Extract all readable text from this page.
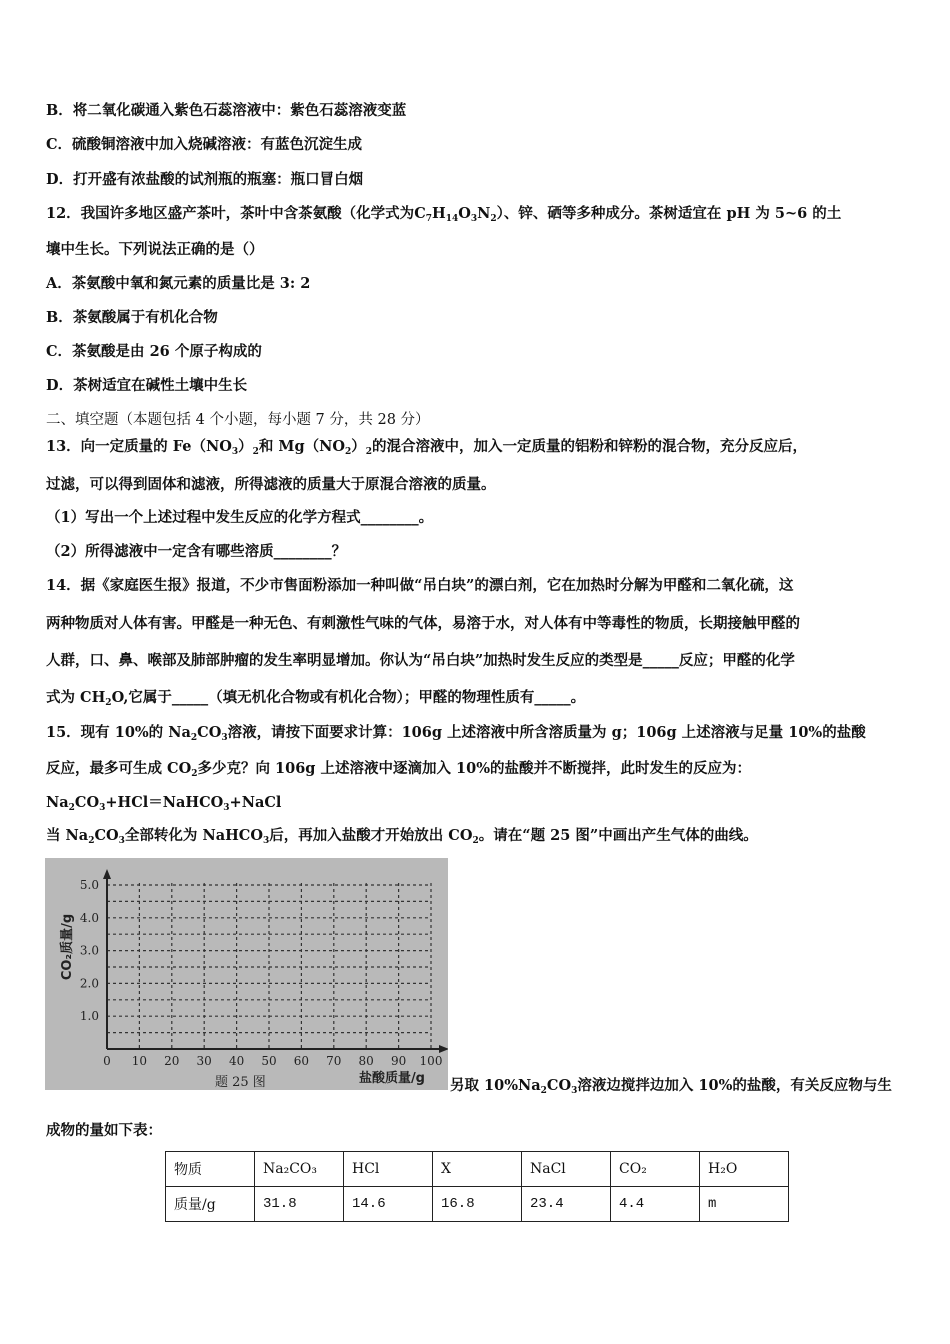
B．将二氧化碳通入紫色石蕊溶液中：紫色石蕊溶液变蓝
C．硫酸铜溶液中加入烧碱溶液：有蓝色沉淀生成
D．打开盛有浓盐酸的试剂瓶的瓶塞：瓶口冒白烟
12．我国许多地区盛产茶叶，茶叶中含茶氨酸（化学式为$C_7H_{14}O_3N_2$）、锌、硒等多种成分。茶树适宜在 pH 为 5~6 的土
壤中生长。下列说法正确的是（）
A．茶氨酸中氧和氮元素的质量比是 3: 2
B．茶氨酸属于有机化合物
C．茶氨酸是由 26 个原子构成的
D．茶树适宜在碱性土壤中生长
二、填空题（本题包括 4 个小题，每小题 7 分，共 28 分）
13．向一定质量的 $Fe(NO_3)_2$和 $Mg(NO_2)_2$的混合溶液中，加入一定质量的铝粉和锌粉的混合物，充分反应后，
过滤，可以得到固体和滤液，所得滤液的质量大于原混合溶液的质量。
（1）写出一个上述过程中发生反应的化学方程式________。
（2）所得滤液中一定含有哪些溶质________？
14．据《家庭医生报》报道，不少市售面粉添加一种叫做“吊白块”的漂白剂，它在加热时分解为甲醛和二氧化硫，这
两种物质对人体有害。甲醛是一种无色、有刺激性气味的气体，易溶于水，对人体有中等毒性的物质，长期接触甲醛的
人群，口、鼻、喉部及肺部肿瘤的发生率明显增加。你认为“吊白块”加热时发生反应的类型是_____反应；甲醛的化学
式为 $CH_2O$,它属于_____（填无机化合物或有机化合物）；甲醛的物理性质有_____。
15．现有 10%的 $Na_2CO_3$溶液，请按下面要求计算：106g 上述溶液中所含溶质量为 g；106g 上述溶液与足量 10%的盐酸
反应，最多可生成 $CO_2$多少克？向 106g 上述溶液中逐滴加入 10%的盐酸并不断搅拌，此时发生的反应为：
$Na_2CO_3+HCl=NaHCO_3+NaCl$
当 $Na_2CO_3$全部转化为 NaHCO$_3$后，再加入盐酸才开始放出 $CO_2$。请在“题 25 图”中画出产生气体的曲线。
0 10 20 30 40 50 60 70 80 90 100
1.0
2.0
3.0
4.0
5.0
盐酸质量/g
CO₂质量/g
题 25 图	另取 $10\%Na_2CO_3$溶液边搅拌边加入 10%的盐酸，有关反应物与生
成物的量如下表：
物质	Na₂CO₃	HCl	X	NaCl	CO₂	H₂O
质量/g	31.8	14.6	16.8	23.4	4.4	m
